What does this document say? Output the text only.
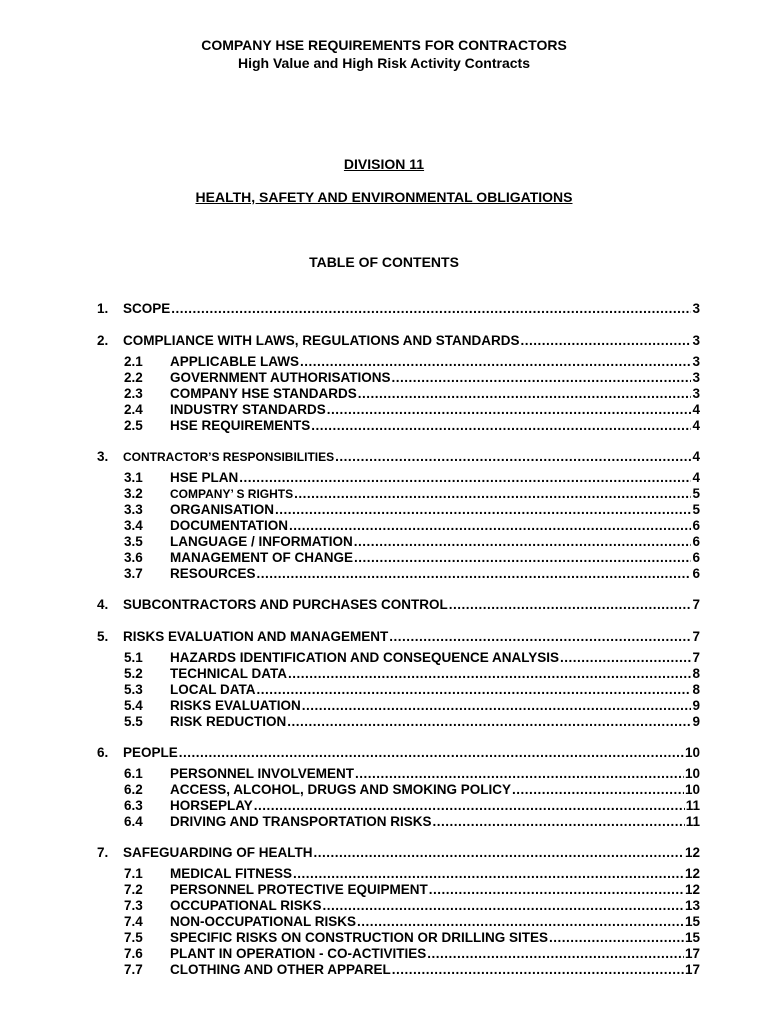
COMPANY HSE REQUIREMENTS FOR CONTRACTORS
High Value and High Risk Activity Contracts
DIVISION 11
HEALTH, SAFETY AND ENVIRONMENTAL OBLIGATIONS
TABLE OF CONTENTS
1. SCOPE .....	3
2. COMPLIANCE WITH LAWS, REGULATIONS AND STANDARDS .....	3
2.1 APPLICABLE LAWS .....	3
2.2 GOVERNMENT AUTHORISATIONS .....	3
2.3 COMPANY HSE STANDARDS .....	3
2.4 INDUSTRY STANDARDS .....	4
2.5 HSE REQUIREMENTS .....	4
3. CONTRACTOR’S RESPONSIBILITIES .....	4
3.1 HSE PLAN .....	4
3.2 COMPANY’ S RIGHTS .....	5
3.3 ORGANISATION .....	5
3.4 DOCUMENTATION .....	6
3.5 LANGUAGE / INFORMATION .....	6
3.6 MANAGEMENT OF CHANGE .....	6
3.7 RESOURCES .....	6
4. SUBCONTRACTORS AND PURCHASES CONTROL .....	7
5. RISKS EVALUATION AND MANAGEMENT .....	7
5.1 HAZARDS IDENTIFICATION AND CONSEQUENCE ANALYSIS .....	7
5.2 TECHNICAL DATA .....	8
5.3 LOCAL DATA .....	8
5.4 RISKS EVALUATION .....	9
5.5 RISK REDUCTION .....	9
6. PEOPLE .....	10
6.1 PERSONNEL INVOLVEMENT .....	10
6.2 ACCESS, ALCOHOL, DRUGS AND SMOKING POLICY .....	10
6.3 HORSEPLAY .....	11
6.4 DRIVING AND TRANSPORTATION RISKS .....	11
7. SAFEGUARDING OF HEALTH .....	12
7.1 MEDICAL FITNESS .....	12
7.2 PERSONNEL PROTECTIVE EQUIPMENT .....	12
7.3 OCCUPATIONAL RISKS .....	13
7.4 NON-OCCUPATIONAL RISKS .....	15
7.5 SPECIFIC RISKS ON CONSTRUCTION OR DRILLING SITES .....	15
7.6 PLANT IN OPERATION - CO-ACTIVITIES .....	17
7.7 CLOTHING AND OTHER APPAREL .....	17
